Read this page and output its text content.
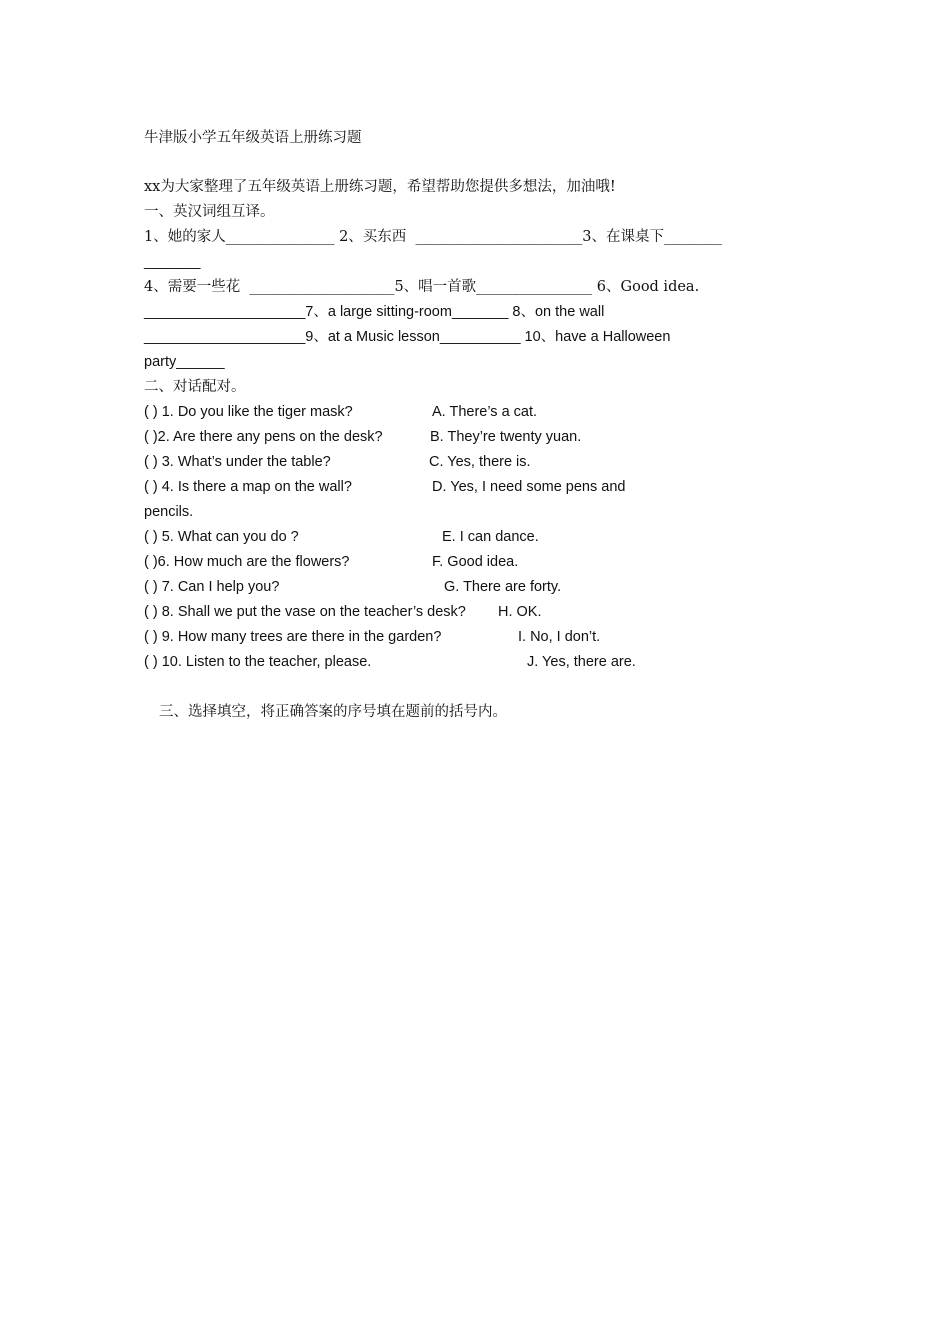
牛津版小学五年级英语上册练习题
xx为大家整理了五年级英语上册练习题，希望帮助您提供多想法，加油哦!
一、英汉词组互译。
1、她的家人_______________ 2、买东西  _______________________3、在课桌下________
_______
4、需要一些花  ____________________5、唱一首歌________________ 6、Good idea.
____________________7、a large sitting-room_______ 8、on the wall
____________________9、at a Music lesson__________ 10、have a Halloween
party______
二、对话配对。
( ) 1. Do you like the tiger mask?
( )2. Are there any pens on the desk?
( ) 3. What’s under the table?
( ) 4. Is there a map on the wall?
pencils.
( ) 5. What can you do ?
( )6. How much are the flowers?
( ) 7. Can I help you?
( ) 8. Shall we put the vase on the teacher’s desk?
( ) 9. How many trees are there in the garden?
( ) 10. Listen to the teacher, please.
A. There’s a cat.
B. They’re twenty yuan.
C. Yes, there is.
D. Yes, I need some pens and
E. I can dance.
F. Good idea.
G. There are forty.
H. OK.
I. No, I don’t.
J. Yes, there are.
三、选择填空，将正确答案的序号填在题前的括号内。
